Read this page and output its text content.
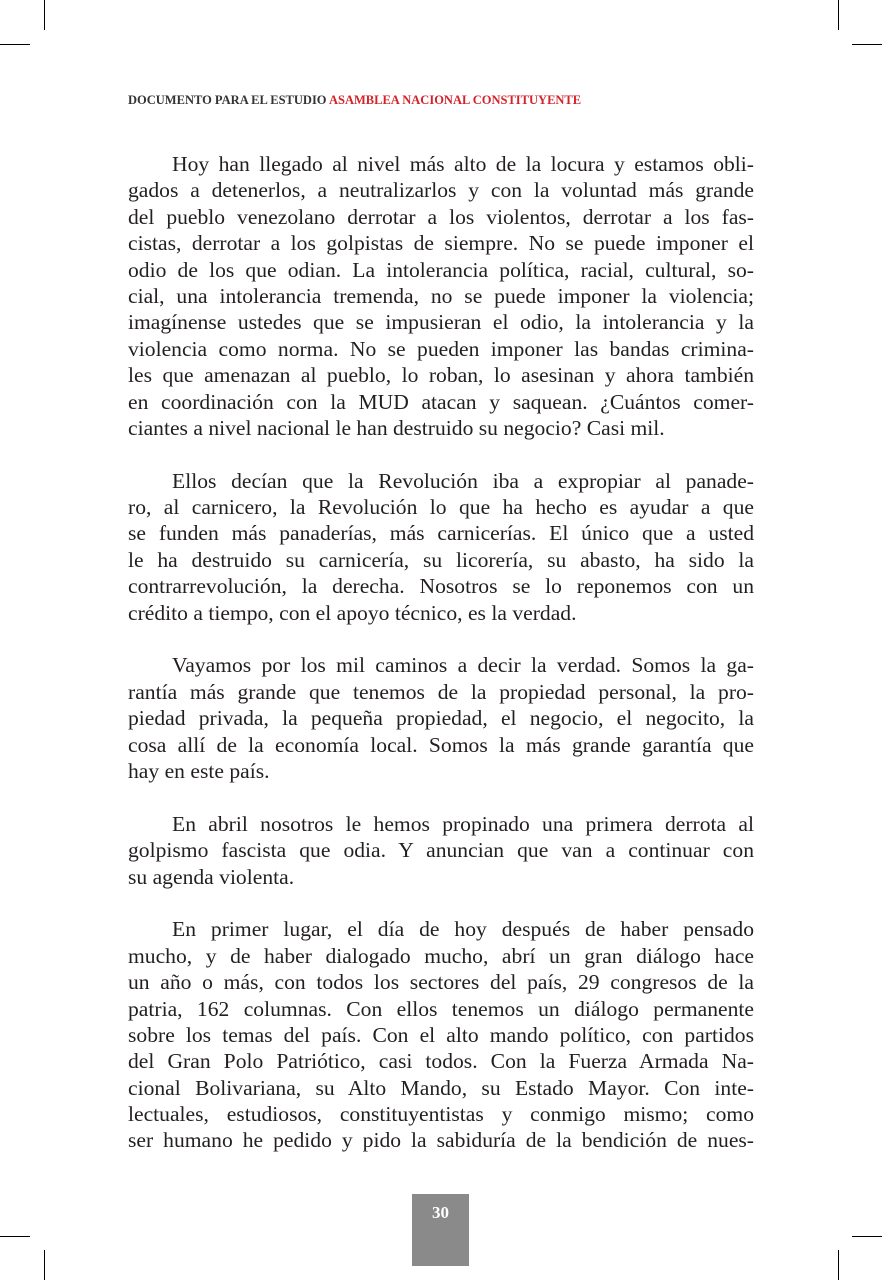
DOCUMENTO PARA EL ESTUDIO ASAMBLEA NACIONAL CONSTITUYENTE
Hoy han llegado al nivel más alto de la locura y estamos obli-
gados a detenerlos, a neutralizarlos y con la voluntad más grande
del pueblo venezolano derrotar a los violentos, derrotar a los fas-
cistas, derrotar a los golpistas de siempre. No se puede imponer el
odio de los que odian. La intolerancia política, racial, cultural, so-
cial, una intolerancia tremenda, no se puede imponer la violencia;
imagínense ustedes que se impusieran el odio, la intolerancia y la
violencia como norma. No se pueden imponer las bandas crimina-
les que amenazan al pueblo, lo roban, lo asesinan y ahora también
en coordinación con la MUD atacan y saquean. ¿Cuántos comer-
ciantes a nivel nacional le han destruido su negocio? Casi mil.
Ellos decían que la Revolución iba a expropiar al panade-
ro, al carnicero, la Revolución lo que ha hecho es ayudar a que
se funden más panaderías, más carnicerías. El único que a usted
le ha destruido su carnicería, su licorería, su abasto, ha sido la
contrarrevolución, la derecha. Nosotros se lo reponemos con un
crédito a tiempo, con el apoyo técnico, es la verdad.
Vayamos por los mil caminos a decir la verdad. Somos la ga-
rantía más grande que tenemos de la propiedad personal, la pro-
piedad privada, la pequeña propiedad, el negocio, el negocito, la
cosa allí de la economía local. Somos la más grande garantía que
hay en este país.
En abril nosotros le hemos propinado una primera derrota al
golpismo fascista que odia. Y anuncian que van a continuar con
su agenda violenta.
En primer lugar, el día de hoy después de haber pensado
mucho, y de haber dialogado mucho, abrí un gran diálogo hace
un año o más, con todos los sectores del país, 29 congresos de la
patria, 162 columnas. Con ellos tenemos un diálogo permanente
sobre los temas del país. Con el alto mando político, con partidos
del Gran Polo Patriótico, casi todos. Con la Fuerza Armada Na-
cional Bolivariana, su Alto Mando, su Estado Mayor. Con inte-
lectuales, estudiosos, constituyentistas y conmigo mismo; como
ser humano he pedido y pido la sabiduría de la bendición de nues-
30
